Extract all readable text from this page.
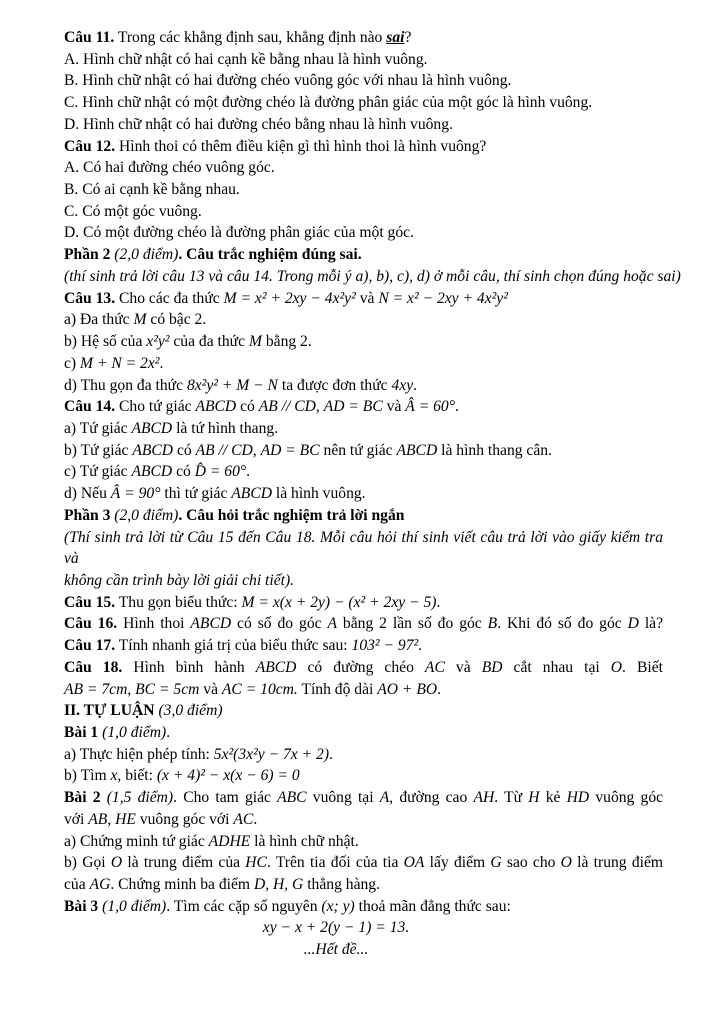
Câu 11. Trong các khẳng định sau, khẳng định nào sai?
A. Hình chữ nhật có hai cạnh kề bằng nhau là hình vuông.
B. Hình chữ nhật có hai đường chéo vuông góc với nhau là hình vuông.
C. Hình chữ nhật có một đường chéo là đường phân giác của một góc là hình vuông.
D. Hình chữ nhật có hai đường chéo bằng nhau là hình vuông.
Câu 12. Hình thoi có thêm điều kiện gì thì hình thoi là hình vuông?
A. Có hai đường chéo vuông góc.
B. Có ai cạnh kề bằng nhau.
C. Có một góc vuông.
D. Có một đường chéo là đường phân giác của một góc.
Phần 2 (2,0 điểm). Câu trắc nghiệm đúng sai.
(thí sinh trả lời câu 13 và câu 14. Trong mỗi ý a), b), c), d) ở mỗi câu, thí sinh chọn đúng hoặc sai)
Câu 13. Cho các đa thức M = x² + 2xy − 4x²y² và N = x² − 2xy + 4x²y²
a) Đa thức M có bậc 2.
b) Hệ số của x²y² của đa thức M bằng 2.
c) M + N = 2x².
d) Thu gọn đa thức 8x²y² + M − N ta được đơn thức 4xy.
Câu 14. Cho tứ giác ABCD có AB // CD, AD = BC và Â = 60°.
a) Tứ giác ABCD là tứ hình thang.
b) Tứ giác ABCD có AB // CD, AD = BC nên tứ giác ABCD là hình thang cân.
c) Tứ giác ABCD có D̂ = 60°.
d) Nếu Â = 90° thì tứ giác ABCD là hình vuông.
Phần 3 (2,0 điểm). Câu hỏi trắc nghiệm trả lời ngắn
(Thí sinh trả lời từ Câu 15 đến Câu 18. Mỗi câu hỏi thí sinh viết câu trả lời vào giấy kiểm tra và
không cần trình bày lời giải chi tiết).
Câu 15. Thu gọn biểu thức: M = x(x + 2y) − (x² + 2xy − 5).
Câu 16. Hình thoi ABCD có số đo góc A bằng 2 lần số đo góc B. Khi đó số đo góc D là?
Câu 17. Tính nhanh giá trị của biểu thức sau: 103² − 97².
Câu 18. Hình bình hành ABCD có đường chéo AC và BD cắt nhau tại O. Biết
AB = 7cm, BC = 5cm và AC = 10cm. Tính độ dài AO + BO.
II. TỰ LUẬN (3,0 điểm)
Bài 1 (1,0 điểm).
a) Thực hiện phép tính: 5x²(3x²y − 7x + 2).
b) Tìm x, biết: (x + 4)² − x(x − 6) = 0
Bài 2 (1,5 điểm). Cho tam giác ABC vuông tại A, đường cao AH. Từ H kẻ HD vuông góc
với AB, HE vuông góc với AC.
a) Chứng minh tứ giác ADHE là hình chữ nhật.
b) Gọi O là trung điểm của HC. Trên tia đối của tia OA lấy điểm G sao cho O là trung điểm
của AG. Chứng minh ba điểm D, H, G thẳng hàng.
Bài 3 (1,0 điểm). Tìm các cặp số nguyên (x; y) thoả mãn đẳng thức sau:
xy − x + 2(y − 1) = 13.
...Hết đề...
